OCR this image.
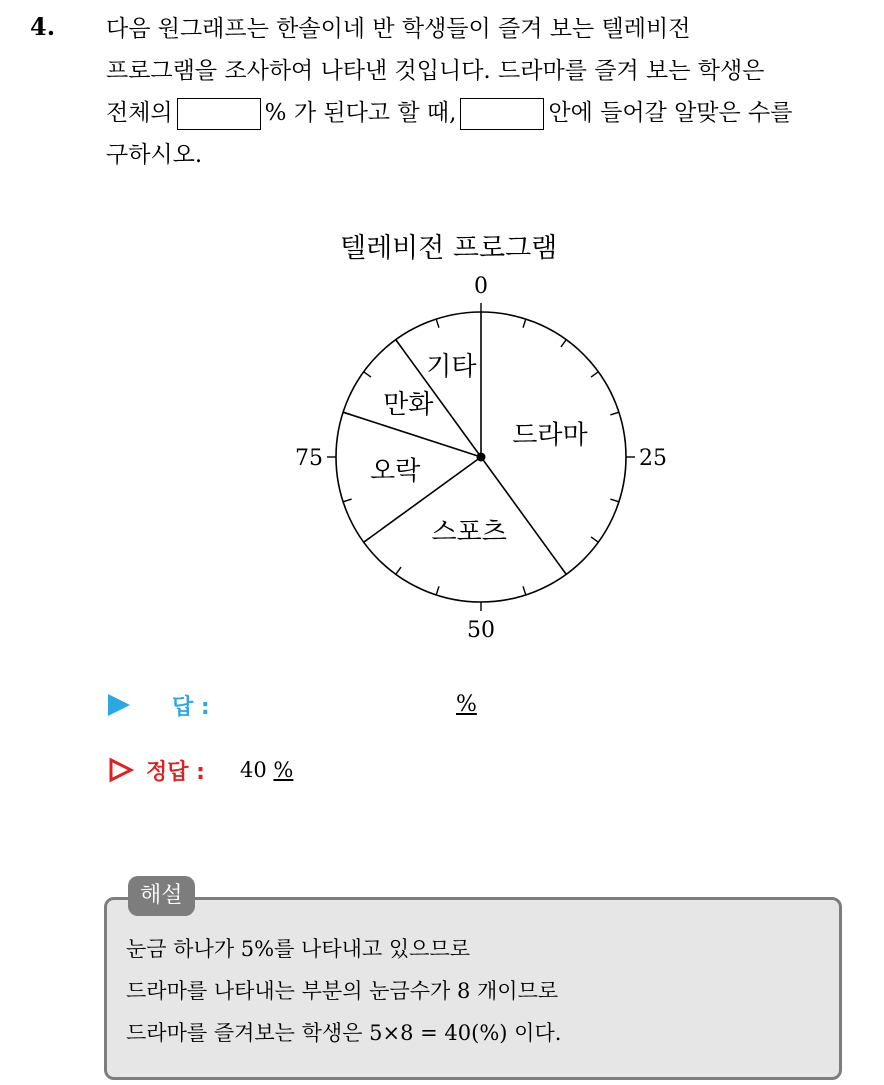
4. 다음 원그래프는 한솔이네 반 학생들이 즐겨 보는 텔레비전
프로그램을 조사하여 나타낸 것입니다. 드라마를 즐겨 보는 학생은
전체의	% 가 된다고 할 때,	안에 들어갈 알맞은 수를
구하시오.
텔레비전 프로그램
0
25
50
75
드라마
스포츠
오락
만화
기타
답 :	%
정답 : 40 %
해설
눈금 하나가 5%를 나타내고 있으므로
드라마를 나타내는 부분의 눈금수가 8 개이므로
드라마를 즐겨보는 학생은 5×8 = 40(%) 이다.
